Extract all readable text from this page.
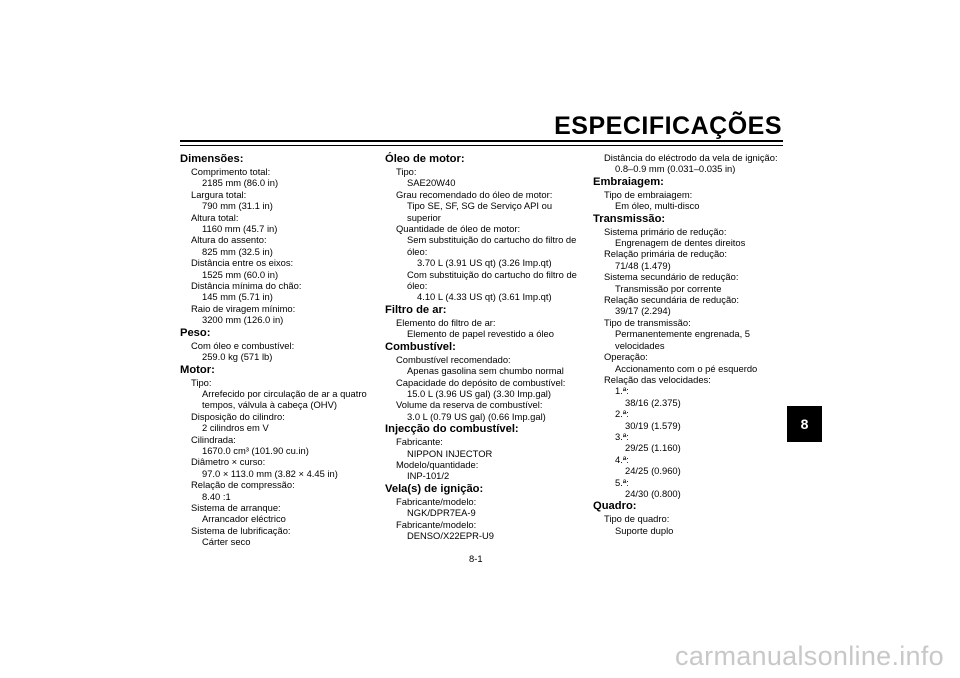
ESPECIFICAÇÕES
8
Dimensões:
Comprimento total:
2185 mm (86.0 in)
Largura total:
790 mm (31.1 in)
Altura total:
1160 mm (45.7 in)
Altura do assento:
825 mm (32.5 in)
Distância entre os eixos:
1525 mm (60.0 in)
Distância mínima do chão:
145 mm (5.71 in)
Raio de viragem mínimo:
3200 mm (126.0 in)
Peso:
Com óleo e combustível:
259.0 kg (571 lb)
Motor:
Tipo:
Arrefecido por circulação de ar a quatro
tempos, válvula à cabeça (OHV)
Disposição do cilindro:
2 cilindros em V
Cilindrada:
1670.0 cm³ (101.90 cu.in)
Diâmetro × curso:
97.0 × 113.0 mm (3.82 × 4.45 in)
Relação de compressão:
8.40 :1
Sistema de arranque:
Arrancador eléctrico
Sistema de lubrificação:
Cárter seco
Óleo de motor:
Tipo:
SAE20W40
Grau recomendado do óleo de motor:
Tipo SE, SF, SG de Serviço API ou
superior
Quantidade de óleo de motor:
Sem substituição do cartucho do filtro de
óleo:
3.70 L (3.91 US qt) (3.26 Imp.qt)
Com substituição do cartucho do filtro de
óleo:
4.10 L (4.33 US qt) (3.61 Imp.qt)
Filtro de ar:
Elemento do filtro de ar:
Elemento de papel revestido a óleo
Combustível:
Combustível recomendado:
Apenas gasolina sem chumbo normal
Capacidade do depósito de combustível:
15.0 L (3.96 US gal) (3.30 Imp.gal)
Volume da reserva de combustível:
3.0 L (0.79 US gal) (0.66 Imp.gal)
Injecção do combustível:
Fabricante:
NIPPON INJECTOR
Modelo/quantidade:
INP-101/2
Vela(s) de ignição:
Fabricante/modelo:
NGK/DPR7EA-9
Fabricante/modelo:
DENSO/X22EPR-U9
Distância do eléctrodo da vela de ignição:
0.8–0.9 mm (0.031–0.035 in)
Embraiagem:
Tipo de embraiagem:
Em óleo, multi-disco
Transmissão:
Sistema primário de redução:
Engrenagem de dentes direitos
Relação primária de redução:
71/48 (1.479)
Sistema secundário de redução:
Transmissão por corrente
Relação secundária de redução:
39/17 (2.294)
Tipo de transmissão:
Permanentemente engrenada, 5
velocidades
Operação:
Accionamento com o pé esquerdo
Relação das velocidades:
1.ª:
38/16 (2.375)
2.ª:
30/19 (1.579)
3.ª:
29/25 (1.160)
4.ª:
24/25 (0.960)
5.ª:
24/30 (0.800)
Quadro:
Tipo de quadro:
Suporte duplo
8-1
carmanualsonline.info
